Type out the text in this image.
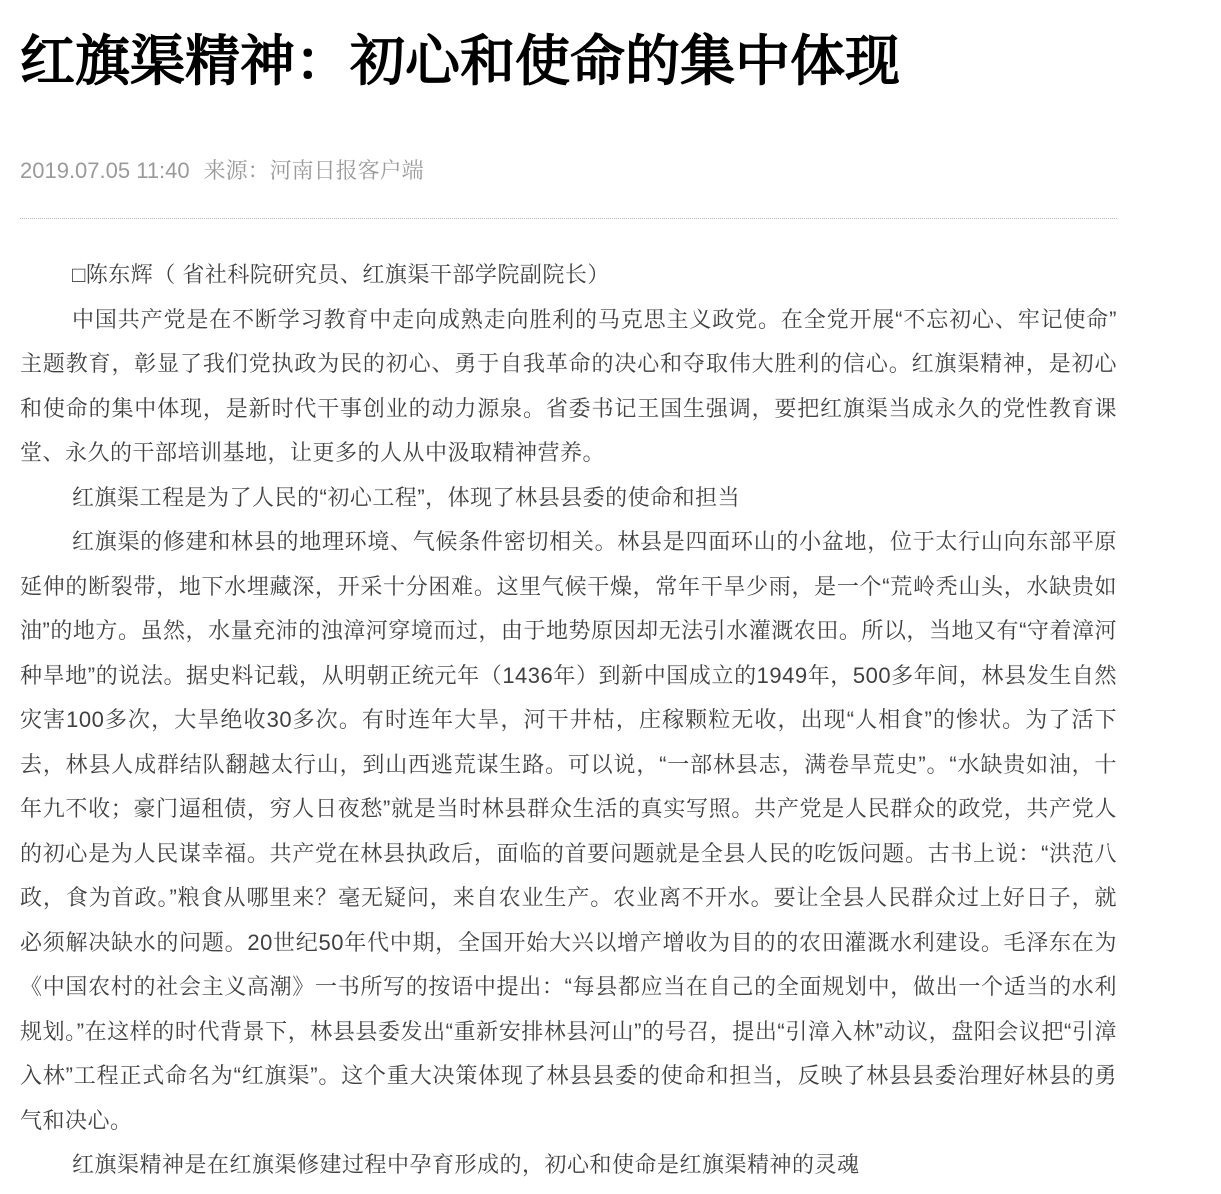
红旗渠精神：初心和使命的集中体现
2019.07.05 11:40 来源：河南日报客户端

□陈东辉（ 省社科院研究员、红旗渠干部学院副院长）

中国共产党是在不断学习教育中走向成熟走向胜利的马克思主义政党。在全党开展“不忘初心、牢记使命”主题教育，彰显了我们党执政为民的初心、勇于自我革命的决心和夺取伟大胜利的信心。红旗渠精神，是初心和使命的集中体现，是新时代干事创业的动力源泉。省委书记王国生强调，要把红旗渠当成永久的党性教育课堂、永久的干部培训基地，让更多的人从中汲取精神营养。

红旗渠工程是为了人民的“初心工程”，体现了林县县委的使命和担当

红旗渠的修建和林县的地理环境、气候条件密切相关。林县是四面环山的小盆地，位于太行山向东部平原延伸的断裂带，地下水埋藏深，开采十分困难。这里气候干燥，常年干旱少雨，是一个“荒岭秃山头，水缺贵如油”的地方。虽然，水量充沛的浊漳河穿境而过，由于地势原因却无法引水灌溉农田。所以，当地又有“守着漳河种旱地”的说法。据史料记载，从明朝正统元年（1436年）到新中国成立的1949年，500多年间，林县发生自然灾害100多次，大旱绝收30多次。有时连年大旱，河干井枯，庄稼颗粒无收，出现“人相食”的惨状。为了活下去，林县人成群结队翻越太行山，到山西逃荒谋生路。可以说，“一部林县志，满卷旱荒史”。“水缺贵如油，十年九不收；豪门逼租债，穷人日夜愁”就是当时林县群众生活的真实写照。共产党是人民群众的政党，共产党人的初心是为人民谋幸福。共产党在林县执政后，面临的首要问题就是全县人民的吃饭问题。古书上说：“洪范八政，食为首政。”粮食从哪里来？毫无疑问，来自农业生产。农业离不开水。要让全县人民群众过上好日子，就必须解决缺水的问题。20世纪50年代中期，全国开始大兴以增产增收为目的的农田灌溉水利建设。毛泽东在为《中国农村的社会主义高潮》一书所写的按语中提出：“每县都应当在自己的全面规划中，做出一个适当的水利规划。”在这样的时代背景下，林县县委发出“重新安排林县河山”的号召，提出“引漳入林”动议，盘阳会议把“引漳入林”工程正式命名为“红旗渠”。这个重大决策体现了林县县委的使命和担当，反映了林县县委治理好林县的勇气和决心。

红旗渠精神是在红旗渠修建过程中孕育形成的，初心和使命是红旗渠精神的灵魂
